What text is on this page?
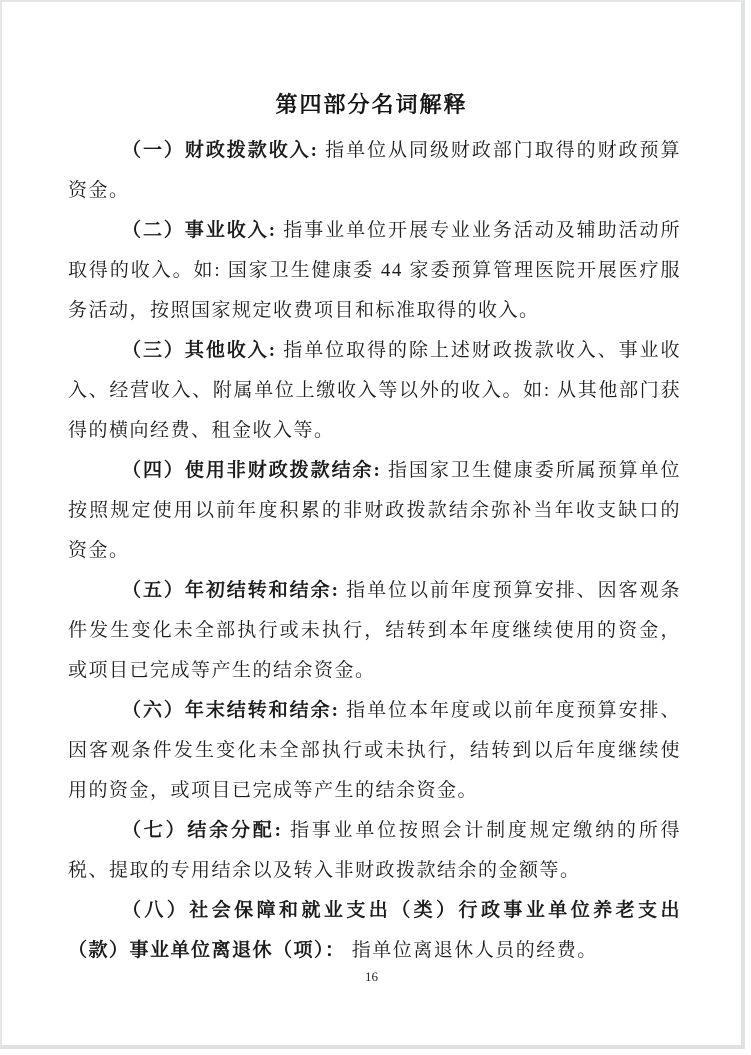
第四部分名词解释

（一）财政拨款收入: 指单位从同级财政部门取得的财政预算资金。

（二）事业收入: 指事业单位开展专业业务活动及辅助活动所取得的收入。如: 国家卫生健康委 44 家委预算管理医院开展医疗服务活动，按照国家规定收费项目和标准取得的收入。

（三）其他收入: 指单位取得的除上述财政拨款收入、事业收入、经营收入、附属单位上缴收入等以外的收入。如: 从其他部门获得的横向经费、租金收入等。

（四）使用非财政拨款结余: 指国家卫生健康委所属预算单位按照规定使用以前年度积累的非财政拨款结余弥补当年收支缺口的资金。

（五）年初结转和结余: 指单位以前年度预算安排、因客观条件发生变化未全部执行或未执行，结转到本年度继续使用的资金，或项目已完成等产生的结余资金。

（六）年末结转和结余: 指单位本年度或以前年度预算安排、因客观条件发生变化未全部执行或未执行，结转到以后年度继续使用的资金，或项目已完成等产生的结余资金。

（七）结余分配: 指事业单位按照会计制度规定缴纳的所得税、提取的专用结余以及转入非财政拨款结余的金额等。

（八）社会保障和就业支出（类）行政事业单位养老支出（款）事业单位离退休（项）： 指单位离退休人员的经费。

16
